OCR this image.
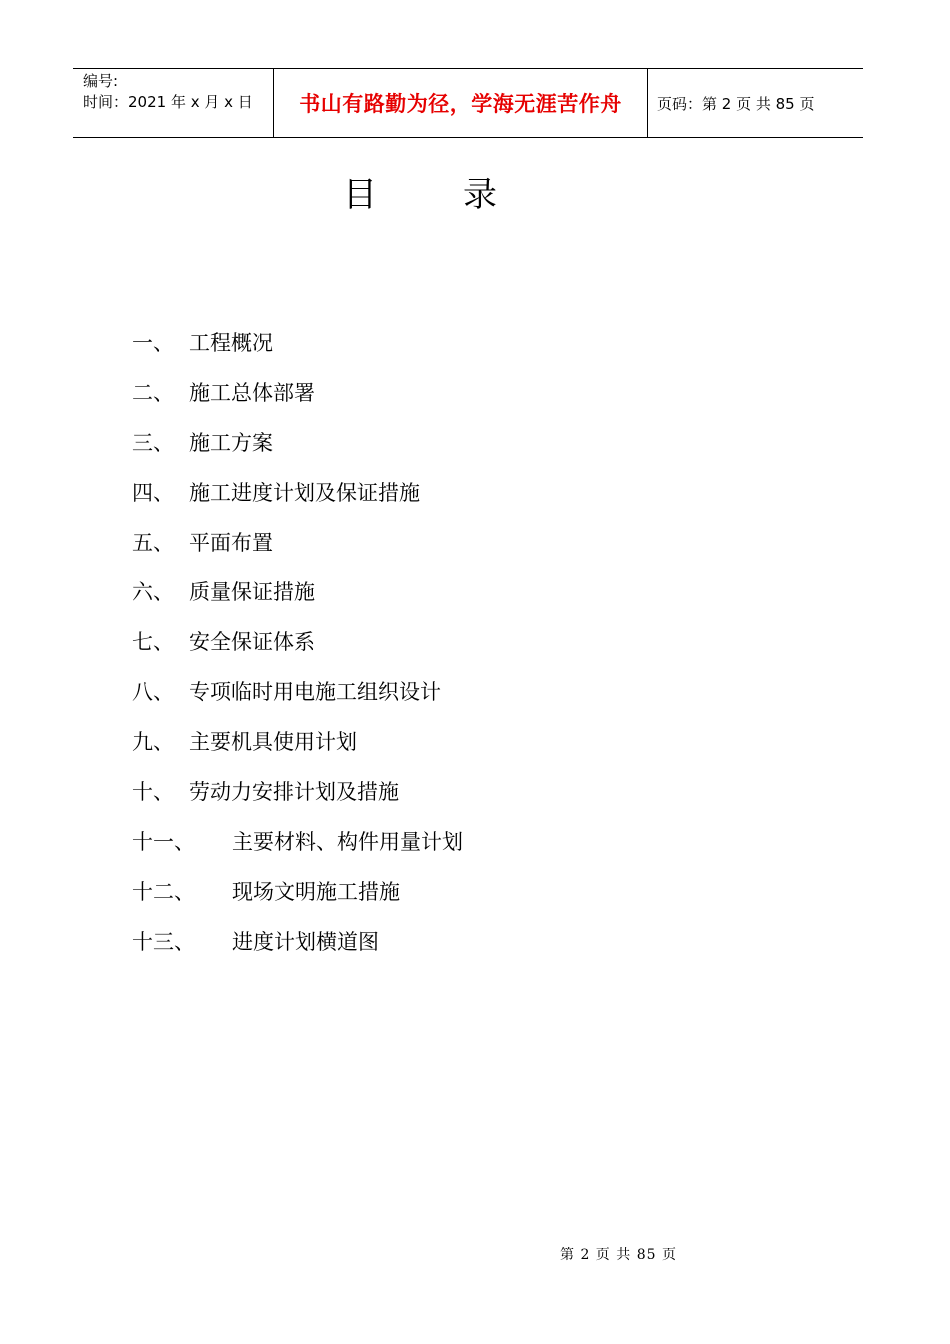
编号:
时间：2021 年 x 月 x 日	书山有路勤为径，学海无涯苦作舟	页码：第 2 页 共 85 页
目	录
一、 工程概况
二、 施工总体部署
三、 施工方案
四、 施工进度计划及保证措施
五、 平面布置
六、 质量保证措施
七、 安全保证体系
八、 专项临时用电施工组织设计
九、 主要机具使用计划
十、 劳动力安排计划及措施
十一、 主要材料、构件用量计划
十二、 现场文明施工措施
十三、 进度计划横道图
第 2 页 共 85 页
